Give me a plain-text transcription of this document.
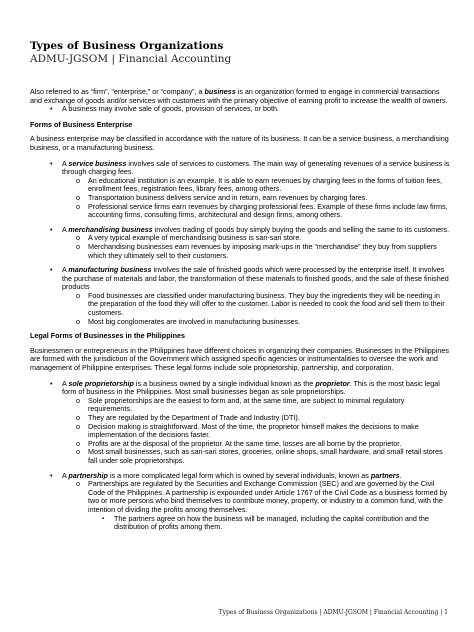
Types of Business Organizations
ADMU-JGSOM | Financial Accounting

Also referred to as “firm”, “enterprise,” or “company”, a business is an organization formed to engage in commercial transactions and exchange of goods and/or services with customers with the primary objective of earning profit to increase the wealth of owners.

•	A business may involve sale of goods, provision of services, or both.

Forms of Business Enterprise

A business enterprise may be classified in accordance with the nature of its business. It can be a service business, a merchandising business, or a manufacturing business.

•	A service business involves sale of services to customers. The main way of generating revenues of a service business is through charging fees.
o	An educational institution is an example. It is able to earn revenues by charging fees in the forms of tuition fees, enrollment fees, registration fees, library fees, among others.
o	Transportation business delivers service and in return, earn revenues by charging fares.
o	Professional service firms earn revenues by charging professional fees. Example of these firms include law firms, accounting firms, consulting firms, architectural and design firms, among others.
•	A merchandising business involves trading of goods buy simply buying the goods and selling the same to its customers.
o	A very typical example of merchandising business is sari-sari store.
o	Merchandising businesses earn revenues by imposing mark-ups in the “merchandise” they buy from suppliers which they ultimately sell to their customers.
•	A manufacturing business involves the sale of finished goods which were processed by the enterprise itself. It involves the purchase of materials and labor, the transformation of these materials to finished goods, and the sale of these finished products
o	Food businesses are classified under manufacturing business. They buy the ingredients they will be needing in the preparation of the food they will offer to the customer. Labor is needed to cook the food and sell them to their customers.
o	Most big conglomerates are involved in manufacturing businesses.

Legal Forms of Businesses in the Philippines

Businessmen or entrepreneurs in the Philippines have different choices in organizing their companies. Businesses in the Philippines are formed with the jurisdiction of the Government which assigned specific agencies or instrumentalities to oversee the work and management of Philippine enterprises. These legal forms include sole proprietorship, partnership, and corporation.

•	A sole proprietorship is a business owned by a single individual known as the proprietor. This is the most basic legal form of business in the Philippines. Most small businesses began as sole proprietorships.
o	Sole proprietorships are the easiest to form and, at the same time, are subject to minimal regulatory requirements.
o	They are regulated by the Department of Trade and Industry (DTI).
o	Decision making is straightforward. Most of the time, the proprietor himself makes the decisions to make implementation of the decisions faster.
o	Profits are at the disposal of the proprietor. At the same time, losses are all borne by the proprietor.
o	Most small businesses, such as sari-sari stores, groceries, online shops, small hardware, and small retail stores fall under sole proprietorships.
•	A partnership is a more complicated legal form which is owned by several individuals, known as partners.
o	Partnerships are regulated by the Securities and Exchange Commission (SEC) and are governed by the Civil Code of the Philippines. A partnership is expounded under Article 1767 of the Civil Code as a business formed by two or more persons who bind themselves to contribute money, property, or industry to a common fund, with the intention of dividing the profits among themselves.
▪	The partners agree on how the business will be managed, including the capital contribution and the distribution of profits among them.
Types of Business Organizations | ADMU-JGSOM | Financial Accounting | 1
